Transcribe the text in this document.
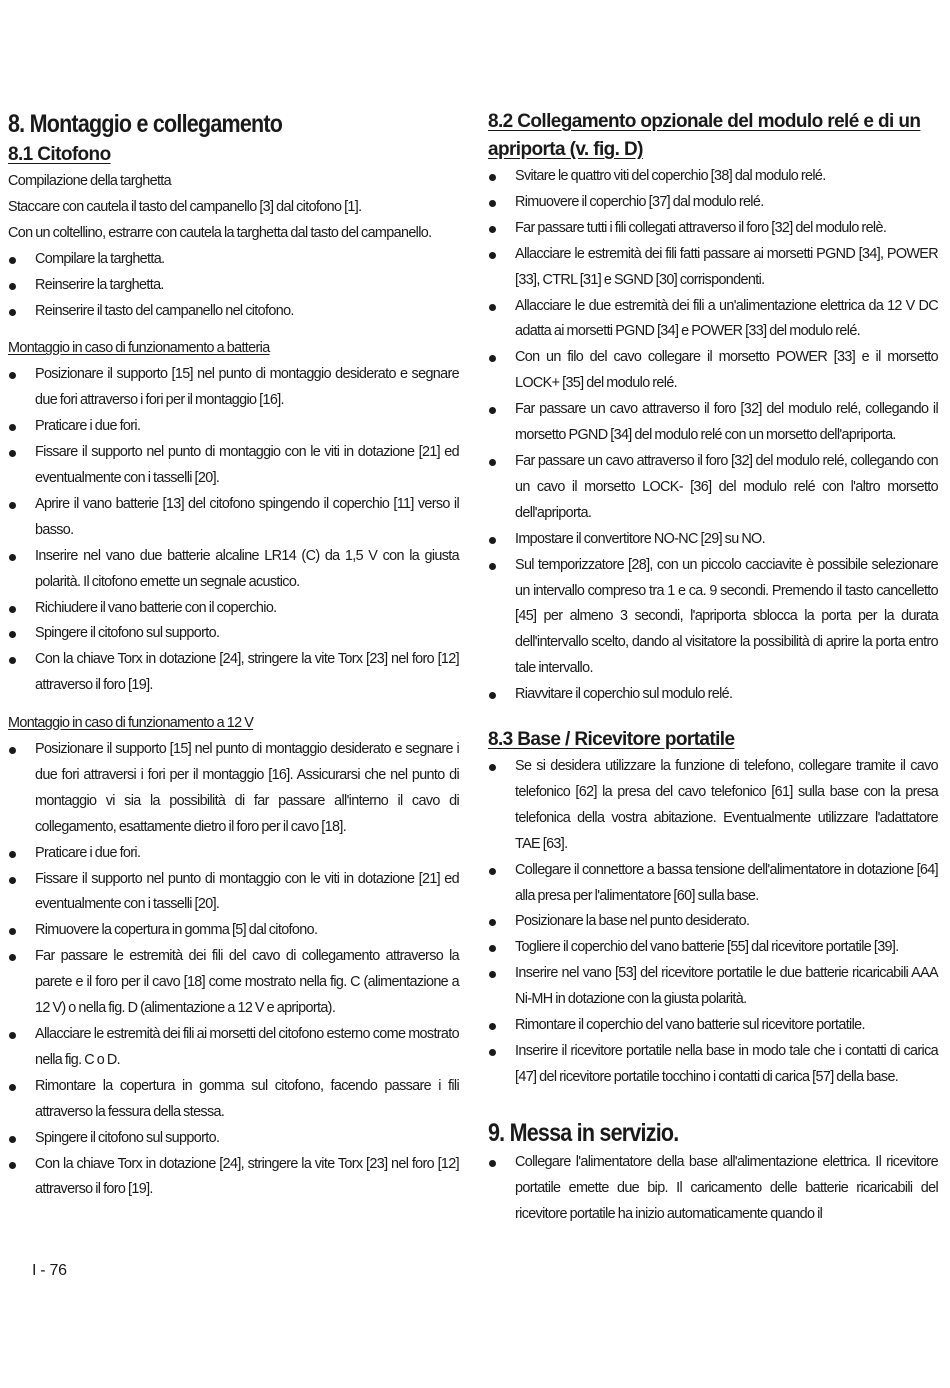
8. Montaggio e collegamento
8.1 Citofono
Compilazione della targhetta
Staccare con cautela il tasto del campanello [3] dal citofono [1].
Con un coltellino, estrarre con cautela la targhetta dal tasto del campanello.
Compilare la targhetta.
Reinserire la targhetta.
Reinserire il tasto del campanello nel citofono.
Montaggio in caso di funzionamento a batteria
Posizionare il supporto [15] nel punto di montaggio desiderato e segnare due fori attraverso i fori per il montaggio [16].
Praticare i due fori.
Fissare il supporto nel punto di montaggio con le viti in dotazione [21] ed eventualmente con i tasselli [20].
Aprire il vano batterie [13] del citofono spingendo il coperchio [11] verso il basso.
Inserire nel vano due batterie alcaline LR14 (C) da 1,5 V con la giusta polarità. Il citofono emette un segnale acustico.
Richiudere il vano batterie con il coperchio.
Spingere il citofono sul supporto.
Con la chiave Torx in dotazione [24], stringere la vite Torx [23] nel foro [12] attraverso il foro [19].
Montaggio in caso di funzionamento a 12 V
Posizionare il supporto [15] nel punto di montaggio desiderato e segnare i due fori attraversi i fori per il montaggio [16]. Assicurarsi che nel punto di montaggio vi sia la possibilità di far passare all'interno il cavo di collegamento, esattamente dietro il foro per il cavo [18].
Praticare i due fori.
Fissare il supporto nel punto di montaggio con le viti in dotazione [21] ed eventualmente con i tasselli [20].
Rimuovere la copertura in gomma [5] dal citofono.
Far passare le estremità dei fili del cavo di collegamento attraverso la parete e il foro per il cavo [18] come mostrato nella fig. C (alimentazione a 12 V) o nella fig. D (alimentazione a 12 V e apriporta).
Allacciare le estremità dei fili ai morsetti del citofono esterno come mostrato nella fig. C o D.
Rimontare la copertura in gomma sul citofono, facendo passare i fili attraverso la fessura della stessa.
Spingere il citofono sul supporto.
Con la chiave Torx in dotazione [24], stringere la vite Torx [23] nel foro [12] attraverso il foro [19].
8.2 Collegamento opzionale del modulo relé e di un apriporta (v. fig. D)
Svitare le quattro viti del coperchio [38] dal modulo relé.
Rimuovere il coperchio [37] dal modulo relé.
Far passare tutti i fili collegati attraverso il foro [32] del modulo relè.
Allacciare le estremità dei fili fatti passare ai morsetti PGND [34], POWER [33], CTRL [31] e SGND [30] corrispondenti.
Allacciare le due estremità dei fili a un'alimentazione elettrica da 12 V DC adatta ai morsetti PGND [34] e POWER [33] del modulo relé.
Con un filo del cavo collegare il morsetto POWER [33] e il morsetto LOCK+ [35] del modulo relé.
Far passare un cavo attraverso il foro [32] del modulo relé, collegando il morsetto PGND [34] del modulo relé con un morsetto dell'apriporta.
Far passare un cavo attraverso il foro [32] del modulo relé, collegando con un cavo il morsetto LOCK- [36] del modulo relé con l'altro morsetto dell'apriporta.
Impostare il convertitore NO-NC [29] su NO.
Sul temporizzatore [28], con un piccolo cacciavite è possibile selezionare un intervallo compreso tra 1 e ca. 9 secondi. Premendo il tasto cancelletto [45] per almeno 3 secondi, l'apriporta sblocca la porta per la durata dell'intervallo scelto, dando al visitatore la possibilità di aprire la porta entro tale intervallo.
Riavvitare il coperchio sul modulo relé.
8.3 Base / Ricevitore portatile
Se si desidera utilizzare la funzione di telefono, collegare tramite il cavo telefonico [62] la presa del cavo telefonico [61] sulla base con la presa telefonica della vostra abitazione. Eventualmente utilizzare l'adattatore TAE [63].
Collegare il connettore a bassa tensione dell'alimentatore in dotazione [64] alla presa per l'alimentatore [60] sulla base.
Posizionare la base nel punto desiderato.
Togliere il coperchio del vano batterie [55] dal ricevitore portatile [39].
Inserire nel vano [53] del ricevitore portatile le due batterie ricaricabili AAA Ni-MH in dotazione con la giusta polarità.
Rimontare il coperchio del vano batterie sul ricevitore portatile.
Inserire il ricevitore portatile nella base in modo tale che i contatti di carica [47] del ricevitore portatile tocchino i contatti di carica [57] della base.
9. Messa in servizio.
Collegare l'alimentatore della base all'alimentazione elettrica. Il ricevitore portatile emette due bip. Il caricamento delle batterie ricaricabili del ricevitore portatile ha inizio automaticamente quando il
I - 76
